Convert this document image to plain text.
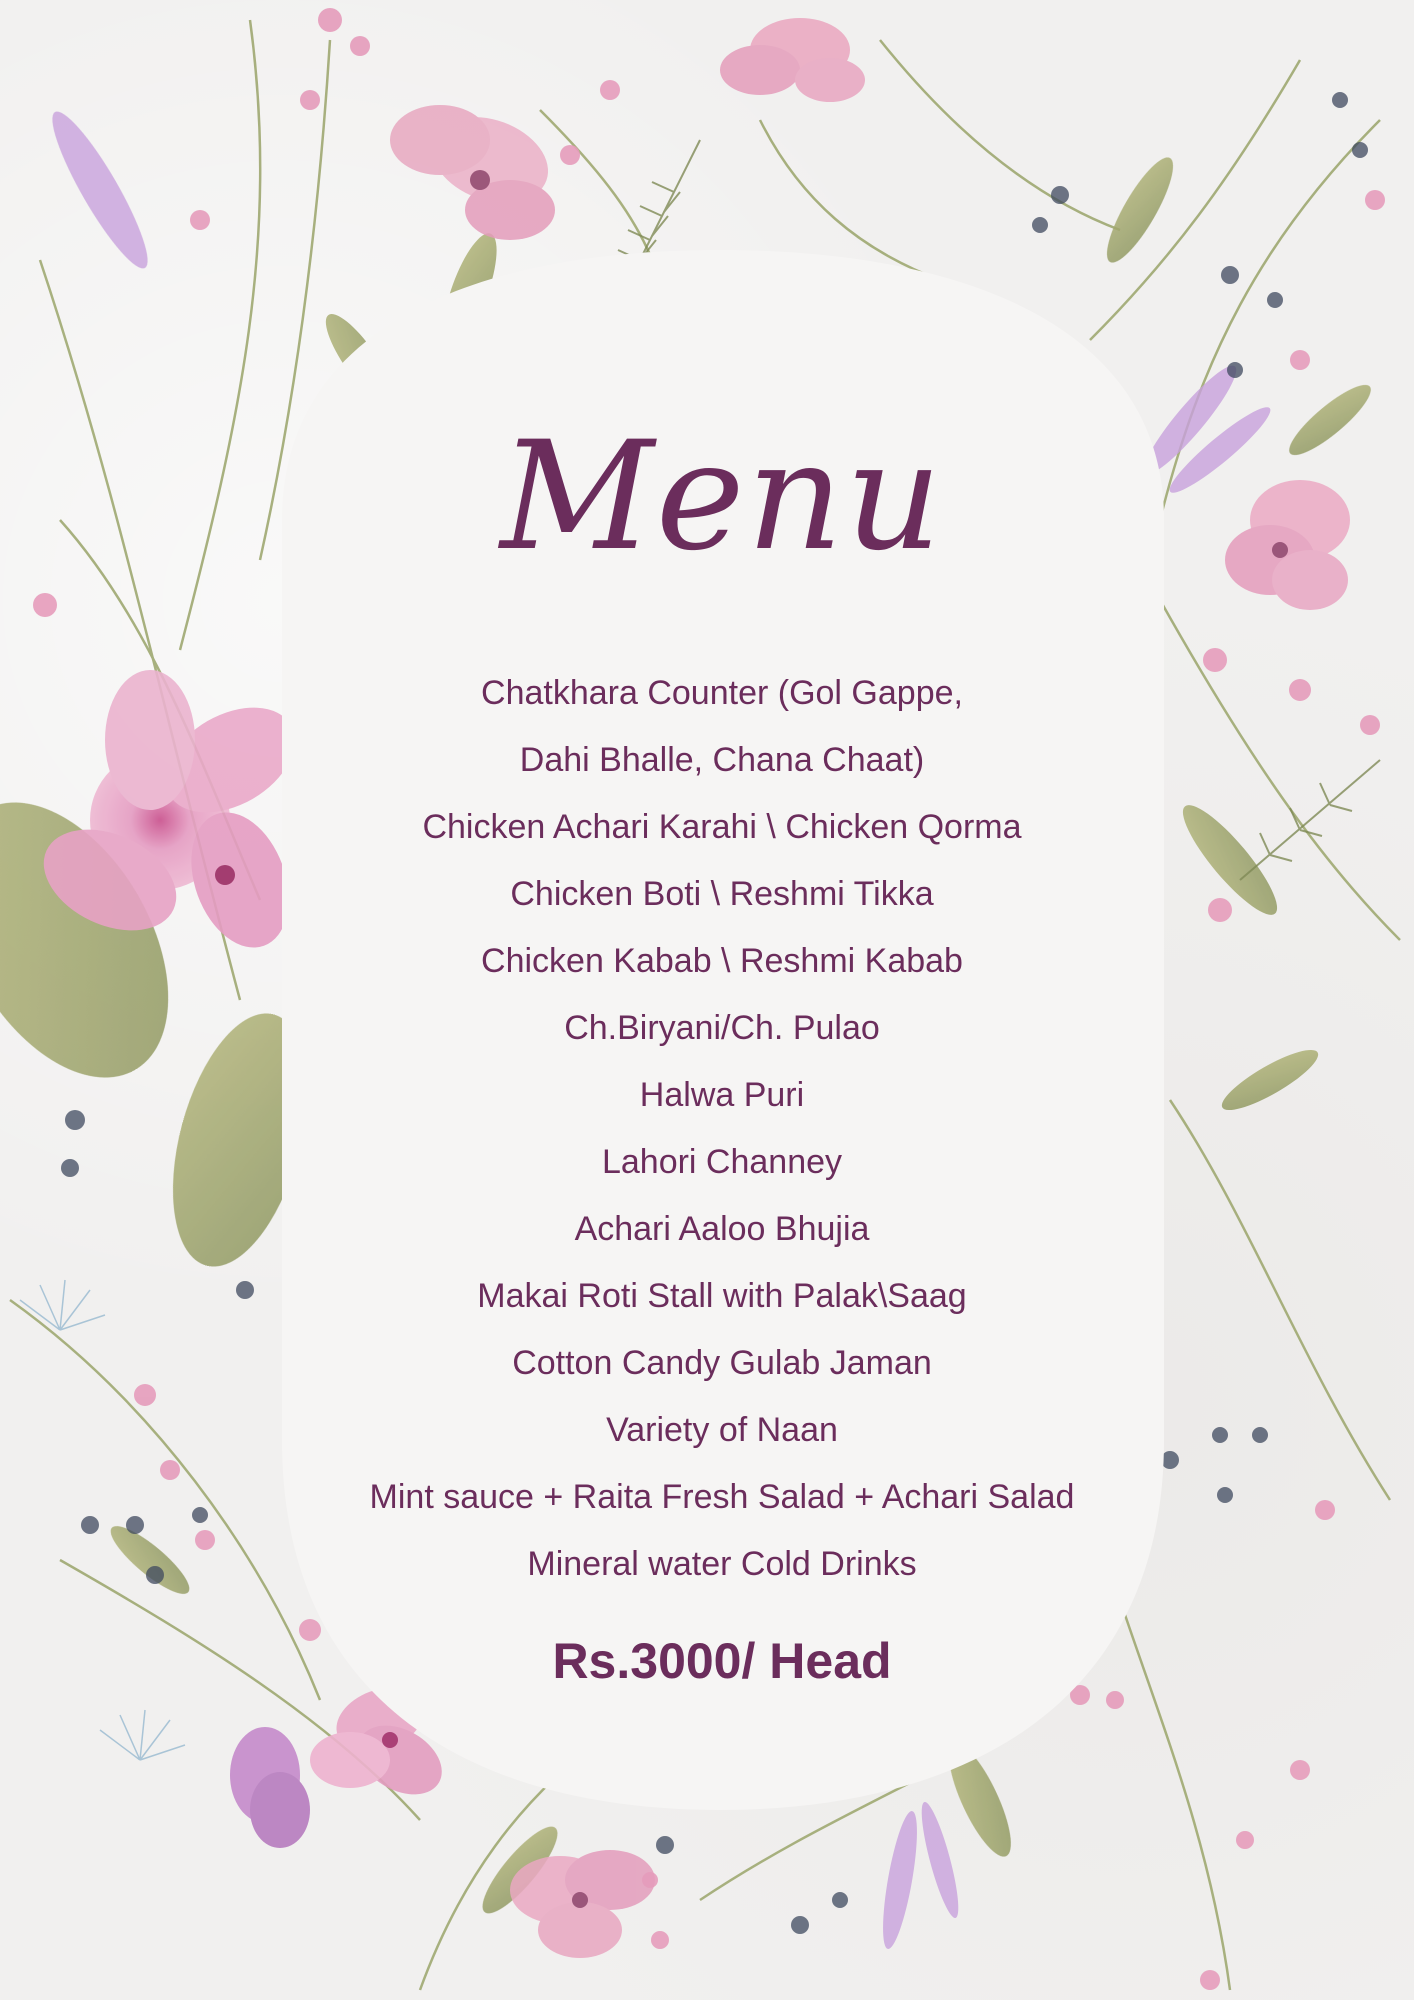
Menu
Chatkhara Counter (Gol Gappe,
Dahi Bhalle, Chana Chaat)
Chicken Achari Karahi \ Chicken Qorma
Chicken Boti \ Reshmi Tikka
Chicken Kabab \ Reshmi Kabab
Ch.Biryani/Ch. Pulao
Halwa Puri
Lahori Channey
Achari Aaloo Bhujia
Makai Roti Stall with Palak\Saag
Cotton Candy Gulab Jaman
Variety of Naan
Mint sauce + Raita Fresh Salad + Achari Salad
Mineral water Cold Drinks
Rs.3000/ Head
